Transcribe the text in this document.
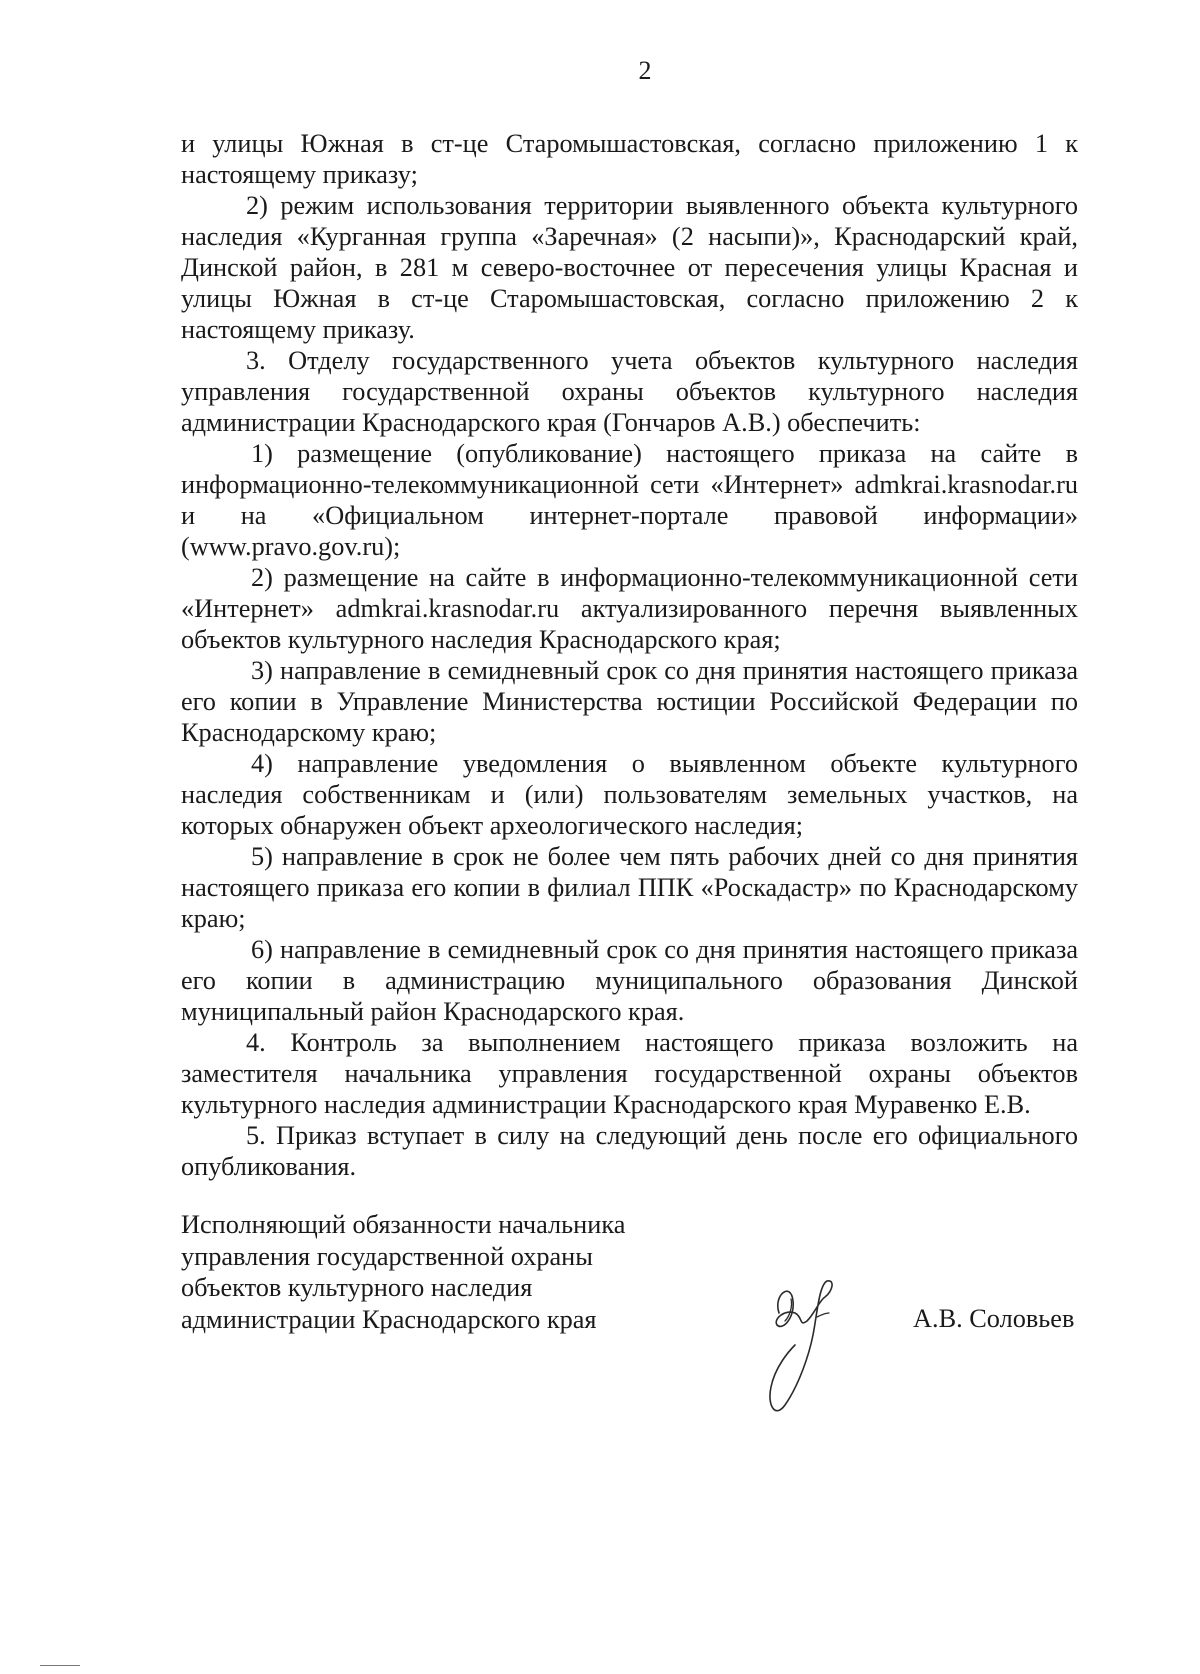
2

и улицы Южная в ст-це Старомышастовская, согласно приложению 1 к настоящему приказу;

2) режим использования территории выявленного объекта культурного наследия «Курганная группа «Заречная» (2 насыпи)», Краснодарский край, Динской район, в 281 м северо-восточнее от пересечения улицы Красная и улицы Южная в ст-це Старомышастовская, согласно приложению 2 к настоящему приказу.

3. Отделу государственного учета объектов культурного наследия управления государственной охраны объектов культурного наследия администрации Краснодарского края (Гончаров А.В.) обеспечить:

1) размещение (опубликование) настоящего приказа на сайте в информационно-телекоммуникационной сети «Интернет» admkrai.krasnodar.ru и на «Официальном интернет-портале правовой информации» (www.pravo.gov.ru);

2) размещение на сайте в информационно-телекоммуникационной сети «Интернет» admkrai.krasnodar.ru актуализированного перечня выявленных объектов культурного наследия Краснодарского края;

3) направление в семидневный срок со дня принятия настоящего приказа его копии в Управление Министерства юстиции Российской Федерации по Краснодарскому краю;

4) направление уведомления о выявленном объекте культурного наследия собственникам и (или) пользователям земельных участков, на которых обнаружен объект археологического наследия;

5) направление в срок не более чем пять рабочих дней со дня принятия настоящего приказа его копии в филиал ППК «Роскадастр» по Краснодарскому краю;

6) направление в семидневный срок со дня принятия настоящего приказа его копии в администрацию муниципального образования Динской муниципальный район Краснодарского края.

4. Контроль за выполнением настоящего приказа возложить на заместителя начальника управления государственной охраны объектов культурного наследия администрации Краснодарского края Муравенко Е.В.

5. Приказ вступает в силу на следующий день после его официального опубликования.

Исполняющий обязанности начальника
управления государственной охраны
объектов культурного наследия
администрации Краснодарского края	А.В. Соловьев
